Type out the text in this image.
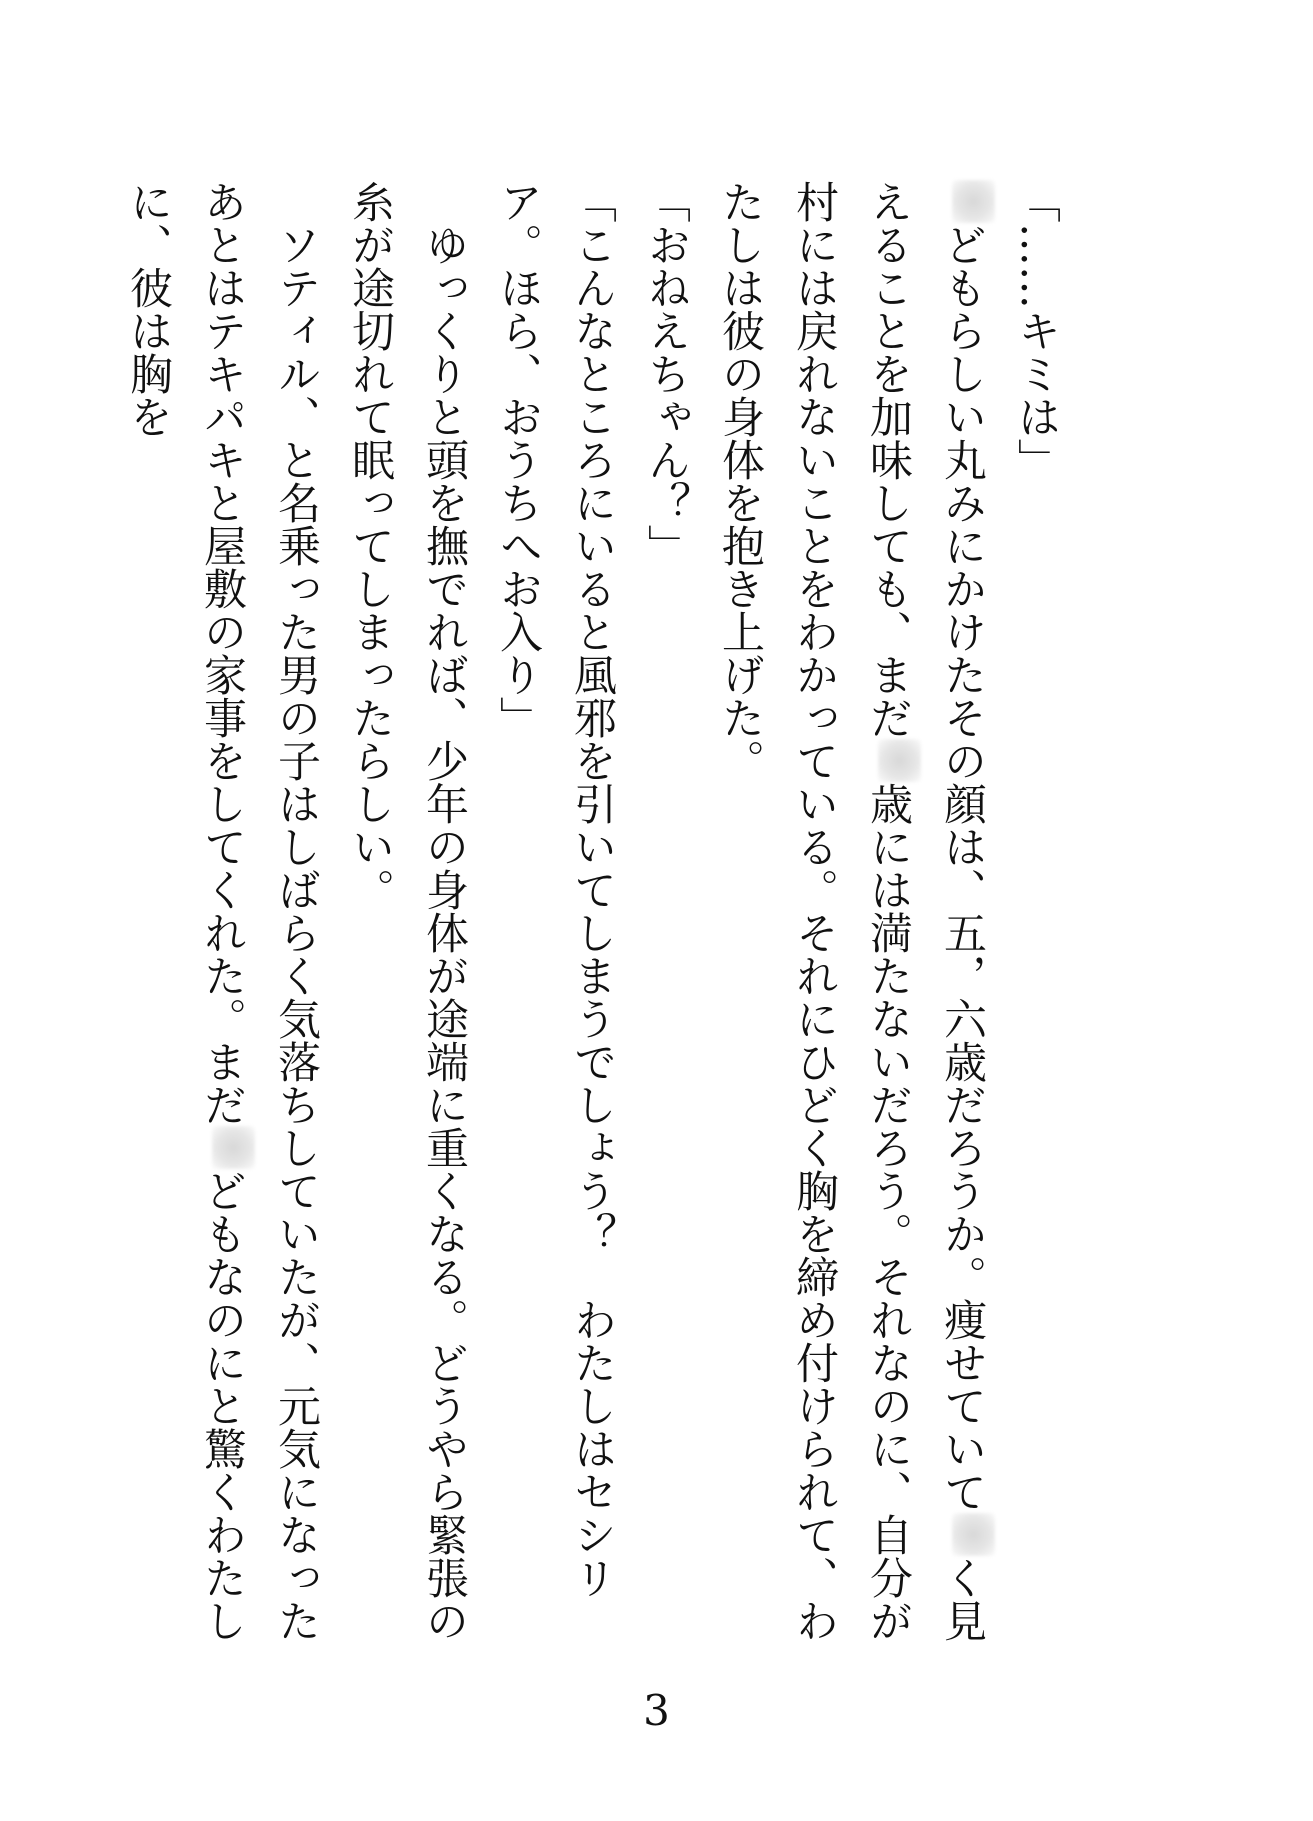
「……キミは」
どもらしい丸みにかけたその顔は、五，六歳だろうか。痩せていてく見えることを加味しても、まだ歳には満たないだろう。それなのに、自分が村には戻れないことをわかっている。それにひどく胸を締め付けられて、わたしは彼の身体を抱き上げた。
「おねえちゃん？」
「こんなところにいると風邪を引いてしまうでしょう？　わたしはセシリア。ほら、おうちへお入り」
　ゆっくりと頭を撫でれば、少年の身体が途端に重くなる。どうやら緊張の糸が途切れて眠ってしまったらしい。
　ソティル、と名乗った男の子はしばらく気落ちしていたが、元気になったあとはテキパキと屋敷の家事をしてくれた。まだどもなのにと驚くわたしに、彼は胸を
3
